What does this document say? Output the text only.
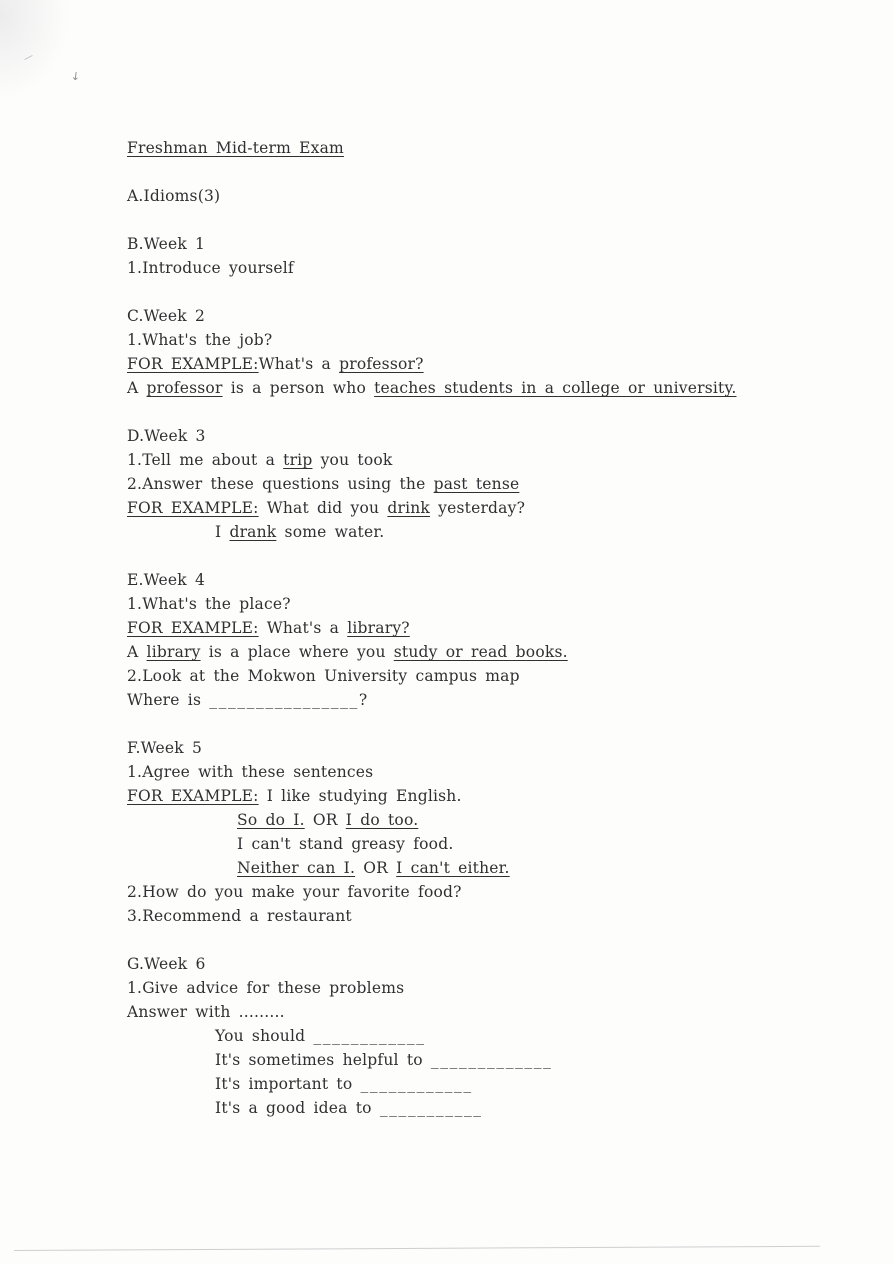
↓
Freshman Mid-term Exam

A.Idioms(3)

B.Week 1
1.Introduce yourself

C.Week 2
1.What's the job?
FOR EXAMPLE:What's a professor?
A professor is a person who teaches students in a college or university.

D.Week 3
1.Tell me about a trip you took
2.Answer these questions using the past tense
FOR EXAMPLE: What did you drink yesterday?
I drank some water.

E.Week 4
1.What's the place?
FOR EXAMPLE: What's a library?
A library is a place where you study or read books.
2.Look at the Mokwon University campus map
Where is ________________?

F.Week 5
1.Agree with these sentences
FOR EXAMPLE: I like studying English.
So do I. OR I do too.
I can't stand greasy food.
Neither can I. OR I can't either.
2.How do you make your favorite food?
3.Recommend a restaurant

G.Week 6
1.Give advice for these problems
Answer with .........
You should ____________
It's sometimes helpful to _____________
It's important to ____________
It's a good idea to ___________
